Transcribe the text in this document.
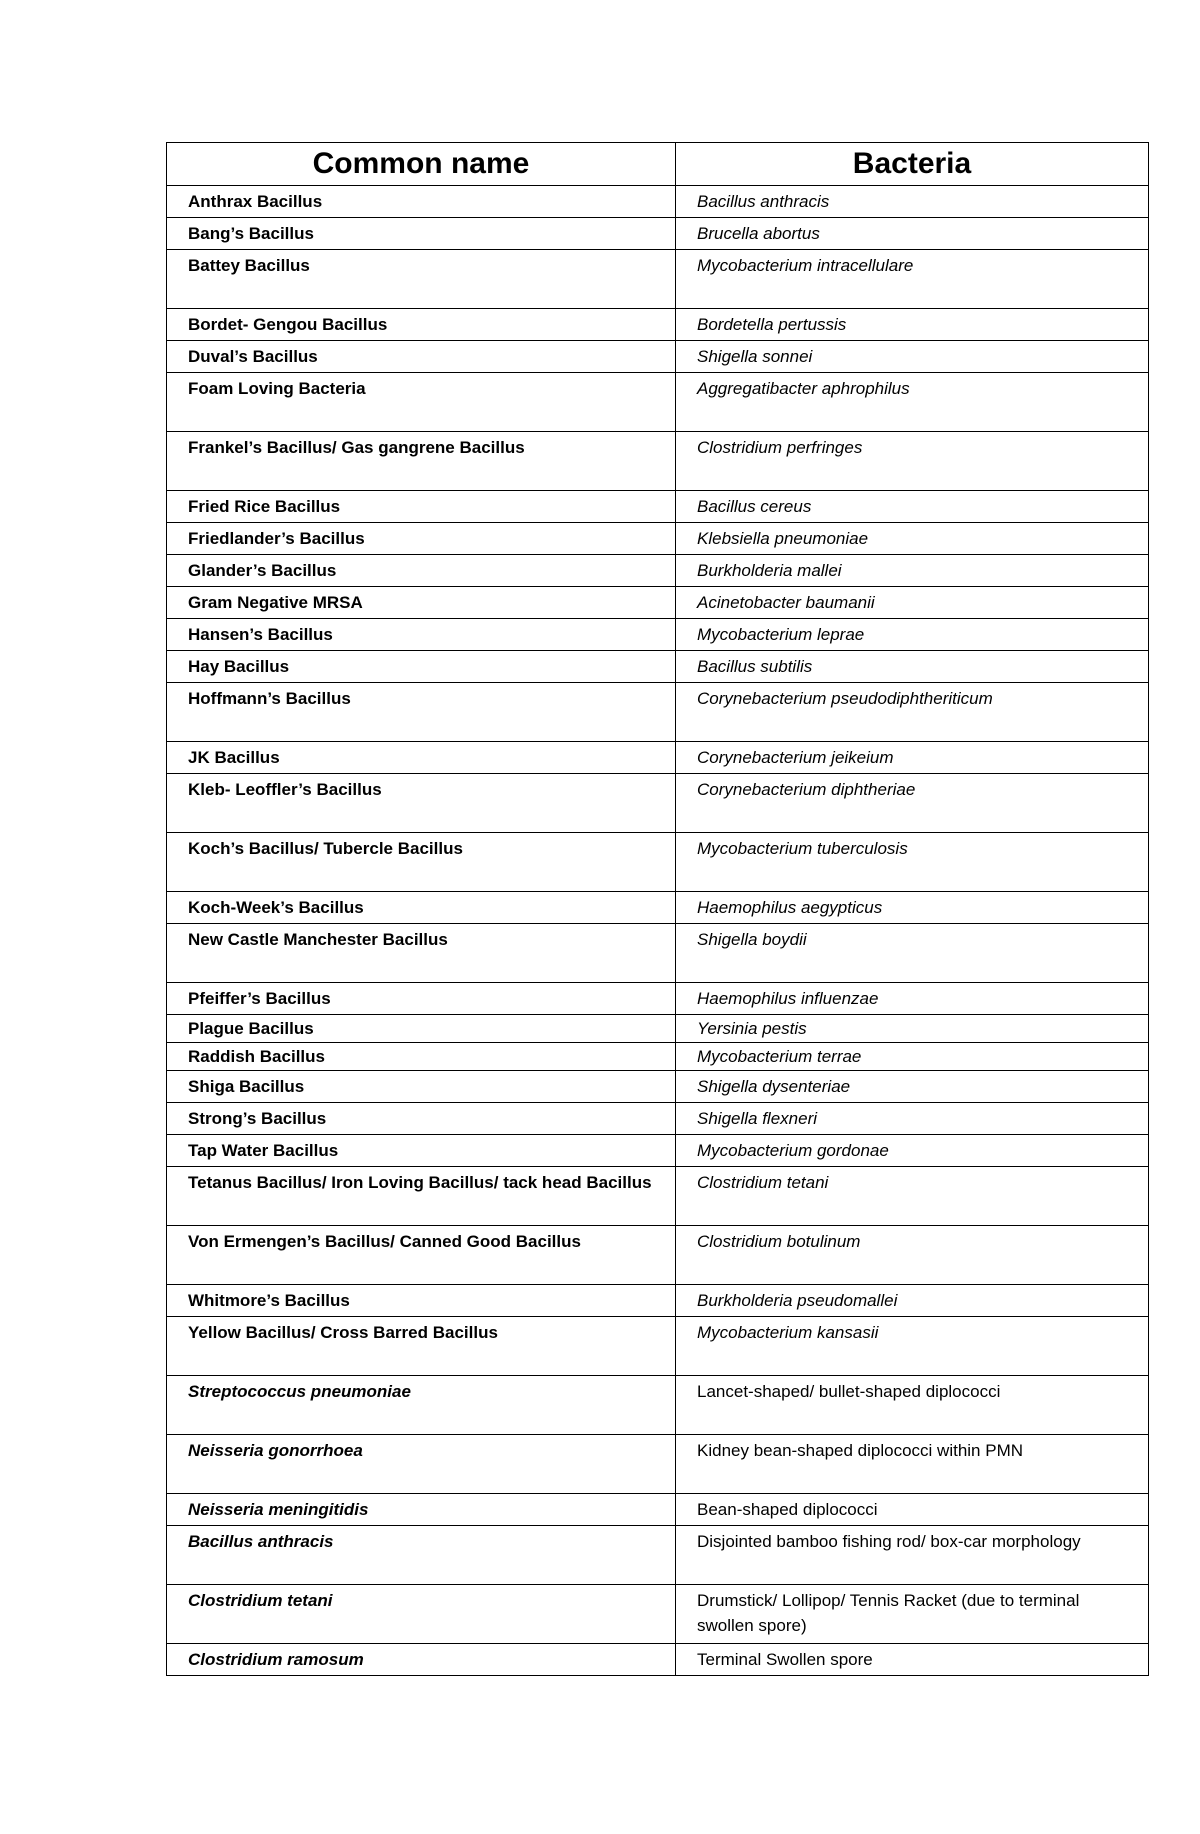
Common name	Bacteria
Anthrax Bacillus	Bacillus anthracis
Bang’s Bacillus	Brucella abortus
Battey Bacillus	Mycobacterium intracellulare
Bordet- Gengou Bacillus	Bordetella pertussis
Duval’s Bacillus	Shigella sonnei
Foam Loving Bacteria	Aggregatibacter aphrophilus
Frankel’s Bacillus/ Gas gangrene Bacillus	Clostridium perfringes
Fried Rice Bacillus	Bacillus cereus
Friedlander’s Bacillus	Klebsiella pneumoniae
Glander’s Bacillus	Burkholderia mallei
Gram Negative MRSA	Acinetobacter baumanii
Hansen’s Bacillus	Mycobacterium leprae
Hay Bacillus	Bacillus subtilis
Hoffmann’s Bacillus	Corynebacterium pseudodiphtheriticum
JK Bacillus	Corynebacterium jeikeium
Kleb- Leoffler’s Bacillus	Corynebacterium diphtheriae
Koch’s Bacillus/ Tubercle Bacillus	Mycobacterium tuberculosis
Koch-Week’s Bacillus	Haemophilus aegypticus
New Castle Manchester Bacillus	Shigella boydii
Pfeiffer’s Bacillus	Haemophilus influenzae
Plague Bacillus	Yersinia pestis
Raddish Bacillus	Mycobacterium terrae
Shiga Bacillus	Shigella dysenteriae
Strong’s Bacillus	Shigella flexneri
Tap Water Bacillus	Mycobacterium gordonae
Tetanus Bacillus/ Iron Loving Bacillus/ tack head Bacillus	Clostridium tetani
Von Ermengen’s Bacillus/ Canned Good Bacillus	Clostridium botulinum
Whitmore’s Bacillus	Burkholderia pseudomallei
Yellow Bacillus/ Cross Barred Bacillus	Mycobacterium kansasii
Streptococcus pneumoniae	Lancet-shaped/ bullet-shaped diplococci
Neisseria gonorrhoea	Kidney bean-shaped diplococci within PMN
Neisseria meningitidis	Bean-shaped diplococci
Bacillus anthracis	Disjointed bamboo fishing rod/ box-car morphology
Clostridium tetani	Drumstick/ Lollipop/ Tennis Racket (due to terminal swollen spore)
Clostridium ramosum	Terminal Swollen spore
